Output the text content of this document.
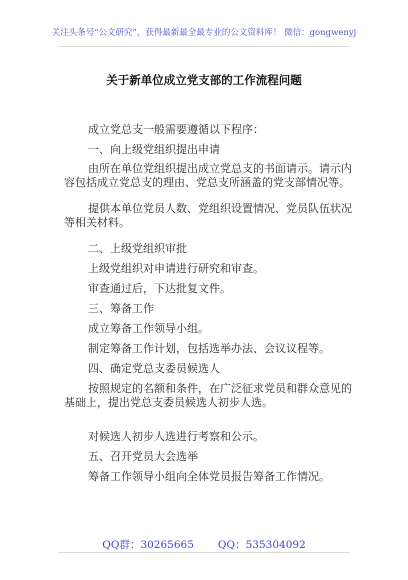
关注头条号“公文研究”，获得最新最全最专业的公文资料库！ 微信：gongwenyj
关于新单位成立党支部的工作流程问题

成立党总支一般需要遵循以下程序：

一、向上级党组织提出申请

由所在单位党组织提出成立党总支的书面请示。请示内容包括成立党总支的理由、党总支所涵盖的党支部情况等。

提供本单位党员人数、党组织设置情况、党员队伍状况等相关材料。

二、上级党组织审批

上级党组织对申请进行研究和审查。

审查通过后，下达批复文件。

三、筹备工作

成立筹备工作领导小组。

制定筹备工作计划，包括选举办法、会议议程等。

四、确定党总支委员候选人

按照规定的名额和条件，在广泛征求党员和群众意见的基础上，提出党总支委员候选人初步人选。

对候选人初步人选进行考察和公示。

五、召开党员大会选举

筹备工作领导小组向全体党员报告筹备工作情况。

QQ群：30265665 QQ：535304092
